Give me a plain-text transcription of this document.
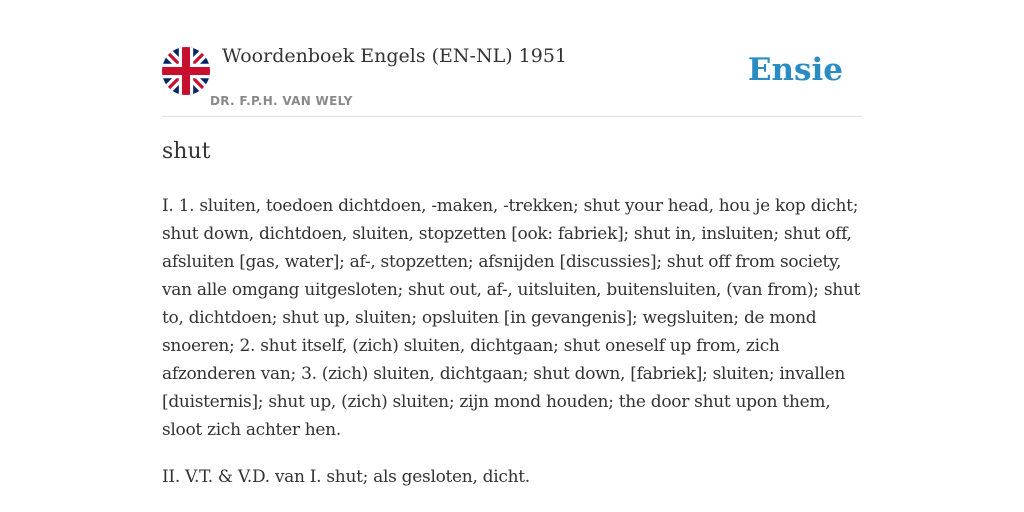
Woordenboek Engels (EN-NL) 1951
DR. F.P.H. VAN WELY
Ensie
shut

I. 1. sluiten, toedoen dichtdoen, -maken, -trekken; shut your head, hou je kop dicht; shut down, dichtdoen, sluiten, stopzetten [ook: fabriek]; shut in, insluiten; shut off, afsluiten [gas, water]; af-, stopzetten; afsnijden [discussies]; shut off from society, van alle omgang uitgesloten; shut out, af-, uitsluiten, buitensluiten, (van from); shut to, dichtdoen; shut up, sluiten; opsluiten [in gevangenis]; wegsluiten; de mond snoeren; 2. shut itself, (zich) sluiten, dichtgaan; shut oneself up from, zich afzonderen van; 3. (zich) sluiten, dichtgaan; shut down, [fabriek]; sluiten; invallen [duisternis]; shut up, (zich) sluiten; zijn mond houden; the door shut upon them, sloot zich achter hen.

II. V.T. & V.D. van I. shut; als gesloten, dicht.
